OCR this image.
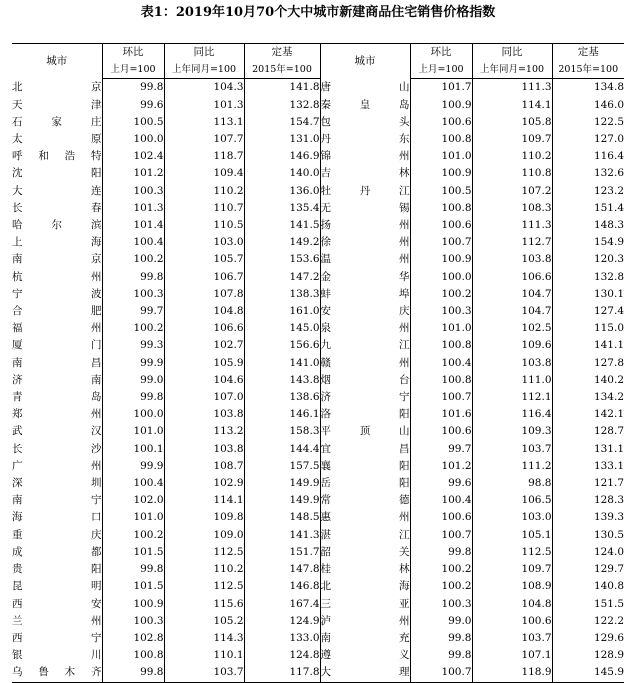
表1：2019年10月70个大中城市新建商品住宅销售价格指数
城市	环比	同比	定基	城市	环比	同比	定基
	上月=100	上年同月=100	2015年=100		上月=100	上年同月=100	2015年=100
北京	99.8	104.3	141.8	唐山	101.7	111.3	134.8
天津	99.6	101.3	132.8	秦皇岛	100.9	114.1	146.0
石家庄	100.5	113.1	154.7	包头	100.6	105.8	122.5
太原	100.0	107.7	131.0	丹东	100.8	109.7	127.0
呼和浩特	102.4	118.7	146.9	锦州	101.0	110.2	116.4
沈阳	101.2	109.4	140.0	吉林	100.9	110.8	132.6
大连	100.3	110.2	136.0	牡丹江	100.5	107.2	123.2
长春	101.3	110.7	135.4	无锡	100.8	108.3	151.4
哈尔滨	101.4	110.5	141.5	扬州	100.6	111.3	148.3
上海	100.4	103.0	149.2	徐州	100.7	112.7	154.9
南京	100.2	105.7	153.6	温州	100.9	103.8	120.3
杭州	99.8	106.7	147.2	金华	100.0	106.6	132.8
宁波	100.3	107.8	138.3	蚌埠	100.2	104.7	130.1
合肥	99.7	104.8	161.0	安庆	100.3	104.7	127.4
福州	100.2	106.6	145.0	泉州	101.0	102.5	115.0
厦门	99.3	102.7	156.6	九江	100.8	109.6	141.1
南昌	99.9	105.9	141.0	赣州	100.4	103.8	127.8
济南	99.0	104.6	143.8	烟台	100.8	111.0	140.2
青岛	99.8	107.0	138.6	济宁	100.7	112.1	134.2
郑州	100.0	103.8	146.1	洛阳	101.6	116.4	142.1
武汉	101.0	113.2	158.3	平顶山	100.6	109.3	128.7
长沙	100.1	103.8	144.4	宜昌	99.7	103.7	131.1
广州	99.9	108.7	157.5	襄阳	101.2	111.2	133.1
深圳	100.4	102.9	149.9	岳阳	99.6	98.8	121.7
南宁	102.0	114.1	149.9	常德	100.4	106.5	128.3
海口	101.0	109.8	148.5	惠州	100.6	103.0	139.3
重庆	100.2	109.0	141.3	湛江	100.7	105.1	130.5
成都	101.5	112.5	151.7	韶关	99.8	112.5	124.0
贵阳	99.8	110.2	147.8	桂林	100.2	109.7	129.7
昆明	101.5	112.5	146.8	北海	100.2	108.9	140.8
西安	100.9	115.6	167.4	三亚	100.3	104.8	151.5
兰州	100.3	105.2	124.9	泸州	99.0	100.6	122.2
西宁	102.8	114.3	133.0	南充	99.8	103.7	129.6
银川	100.8	110.1	124.8	遵义	99.8	107.1	128.9
乌鲁木齐	99.8	103.7	117.8	大理	100.7	118.9	145.9
